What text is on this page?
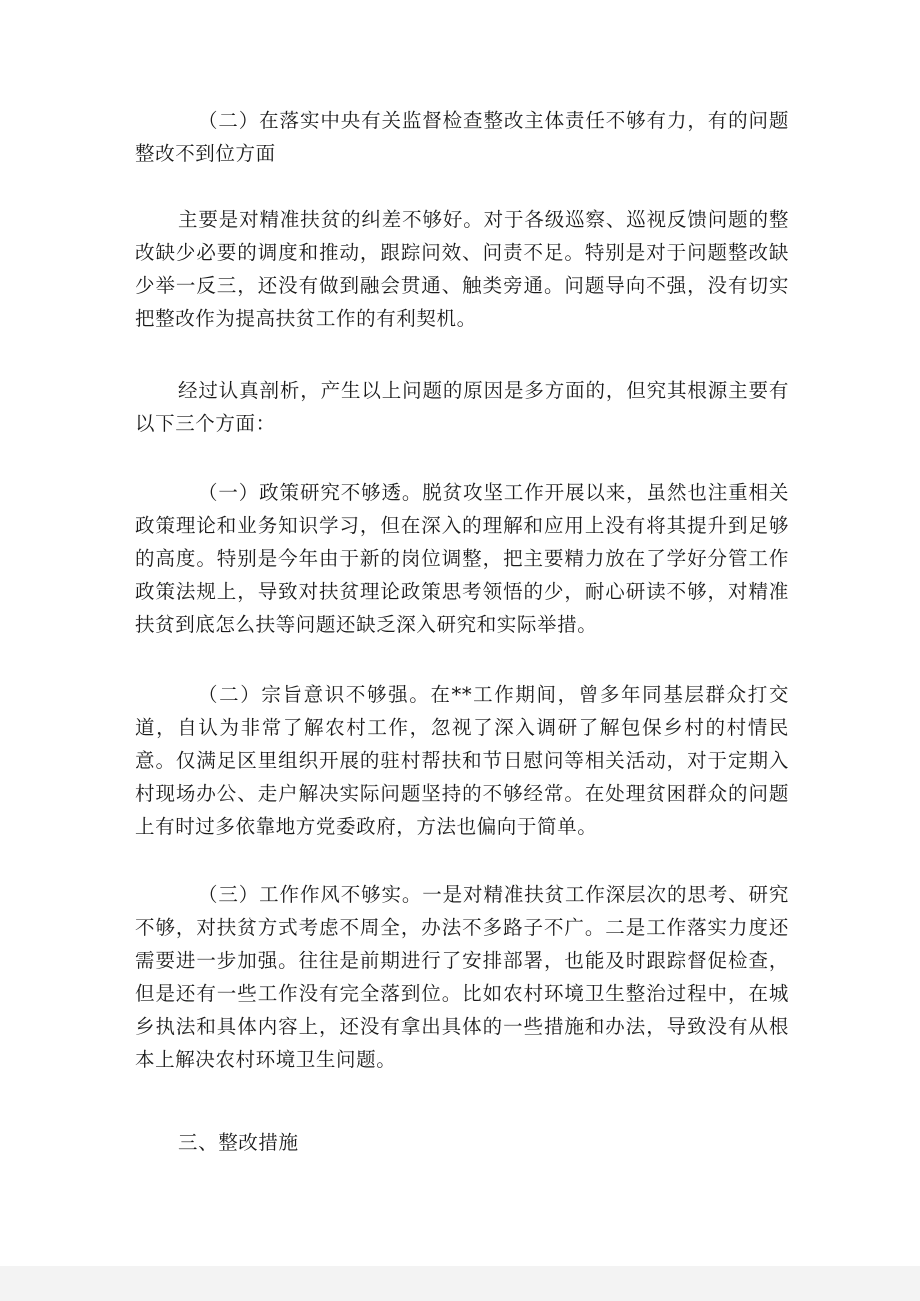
（二）在落实中央有关监督检查整改主体责任不够有力，有的问题整改不到位方面

主要是对精准扶贫的纠差不够好。对于各级巡察、巡视反馈问题的整改缺少必要的调度和推动，跟踪问效、问责不足。特别是对于问题整改缺少举一反三，还没有做到融会贯通、触类旁通。问题导向不强，没有切实把整改作为提高扶贫工作的有利契机。

经过认真剖析，产生以上问题的原因是多方面的，但究其根源主要有以下三个方面：

（一）政策研究不够透。脱贫攻坚工作开展以来，虽然也注重相关政策理论和业务知识学习，但在深入的理解和应用上没有将其提升到足够的高度。特别是今年由于新的岗位调整，把主要精力放在了学好分管工作政策法规上，导致对扶贫理论政策思考领悟的少，耐心研读不够，对精准扶贫到底怎么扶等问题还缺乏深入研究和实际举措。

（二）宗旨意识不够强。在**工作期间，曾多年同基层群众打交道，自认为非常了解农村工作，忽视了深入调研了解包保乡村的村情民意。仅满足区里组织开展的驻村帮扶和节日慰问等相关活动，对于定期入村现场办公、走户解决实际问题坚持的不够经常。在处理贫困群众的问题上有时过多依靠地方党委政府，方法也偏向于简单。

（三）工作作风不够实。一是对精准扶贫工作深层次的思考、研究不够，对扶贫方式考虑不周全，办法不多路子不广。二是工作落实力度还需要进一步加强。往往是前期进行了安排部署，也能及时跟踪督促检查，但是还有一些工作没有完全落到位。比如农村环境卫生整治过程中，在城乡执法和具体内容上，还没有拿出具体的一些措施和办法，导致没有从根本上解决农村环境卫生问题。

三、整改措施
